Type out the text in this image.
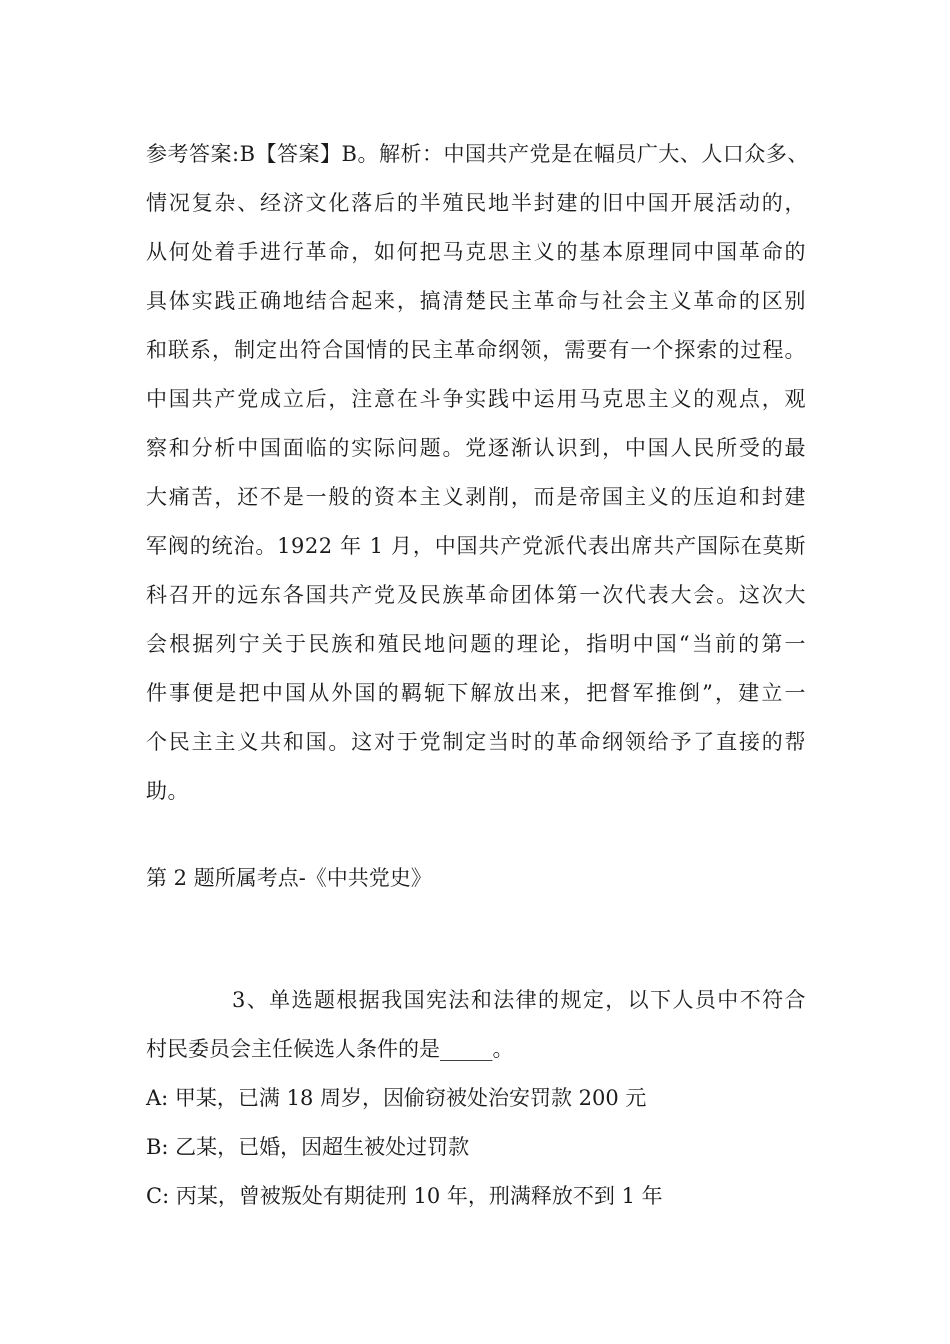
参考答案:B【答案】B。解析：中国共产党是在幅员广大、人口众多、
情况复杂、经济文化落后的半殖民地半封建的旧中国开展活动的，
从何处着手进行革命，如何把马克思主义的基本原理同中国革命的
具体实践正确地结合起来，搞清楚民主革命与社会主义革命的区别
和联系，制定出符合国情的民主革命纲领，需要有一个探索的过程。
中国共产党成立后，注意在斗争实践中运用马克思主义的观点，观
察和分析中国面临的实际问题。党逐渐认识到，中国人民所受的最
大痛苦，还不是一般的资本主义剥削，而是帝国主义的压迫和封建
军阀的统治。1922 年 1 月，中国共产党派代表出席共产国际在莫斯
科召开的远东各国共产党及民族革命团体第一次代表大会。这次大
会根据列宁关于民族和殖民地问题的理论，指明中国“当前的第一
件事便是把中国从外国的羁轭下解放出来，把督军推倒”，建立一
个民主主义共和国。这对于党制定当时的革命纲领给予了直接的帮
助。
第 2 题所属考点-《中共党史》
3、单选题根据我国宪法和法律的规定，以下人员中不符合
村民委员会主任候选人条件的是_____。
A: 甲某，已满 18 周岁，因偷窃被处治安罚款 200 元
B: 乙某，已婚，因超生被处过罚款
C: 丙某，曾被叛处有期徒刑 10 年，刑满释放不到 1 年
